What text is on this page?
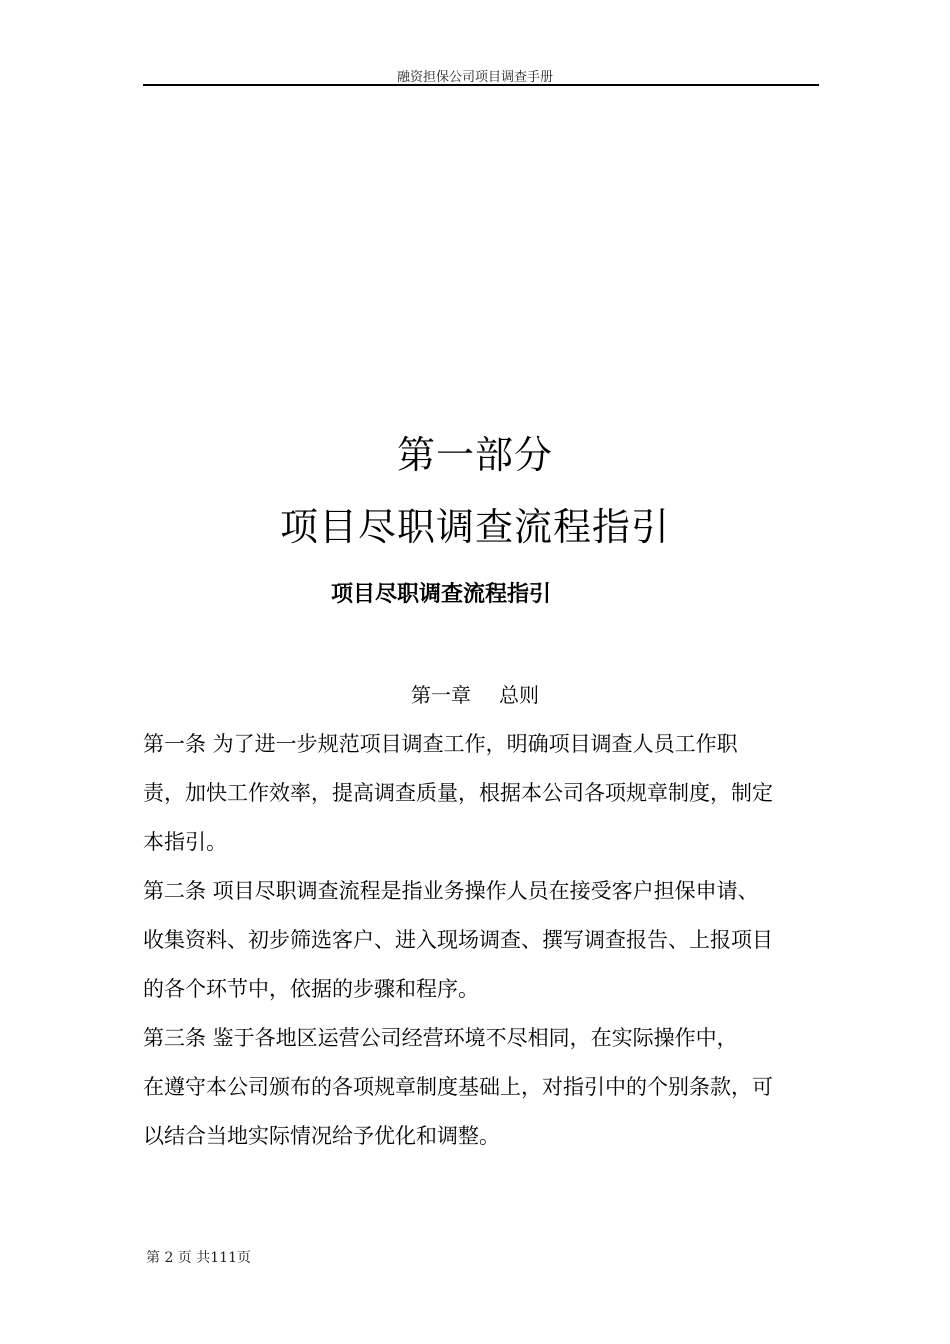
融资担保公司项目调查手册
第一部分
项目尽职调查流程指引
项目尽职调查流程指引
第一章 总则
第一条 为了进一步规范项目调查工作，明确项目调查人员工作职
责，加快工作效率，提高调查质量，根据本公司各项规章制度，制定
本指引。
第二条 项目尽职调查流程是指业务操作人员在接受客户担保申请、
收集资料、初步筛选客户、进入现场调查、撰写调查报告、上报项目
的各个环节中，依据的步骤和程序。
第三条 鉴于各地区运营公司经营环境不尽相同，在实际操作中，
在遵守本公司颁布的各项规章制度基础上，对指引中的个别条款，可
以结合当地实际情况给予优化和调整。
第 2 页 共111页
